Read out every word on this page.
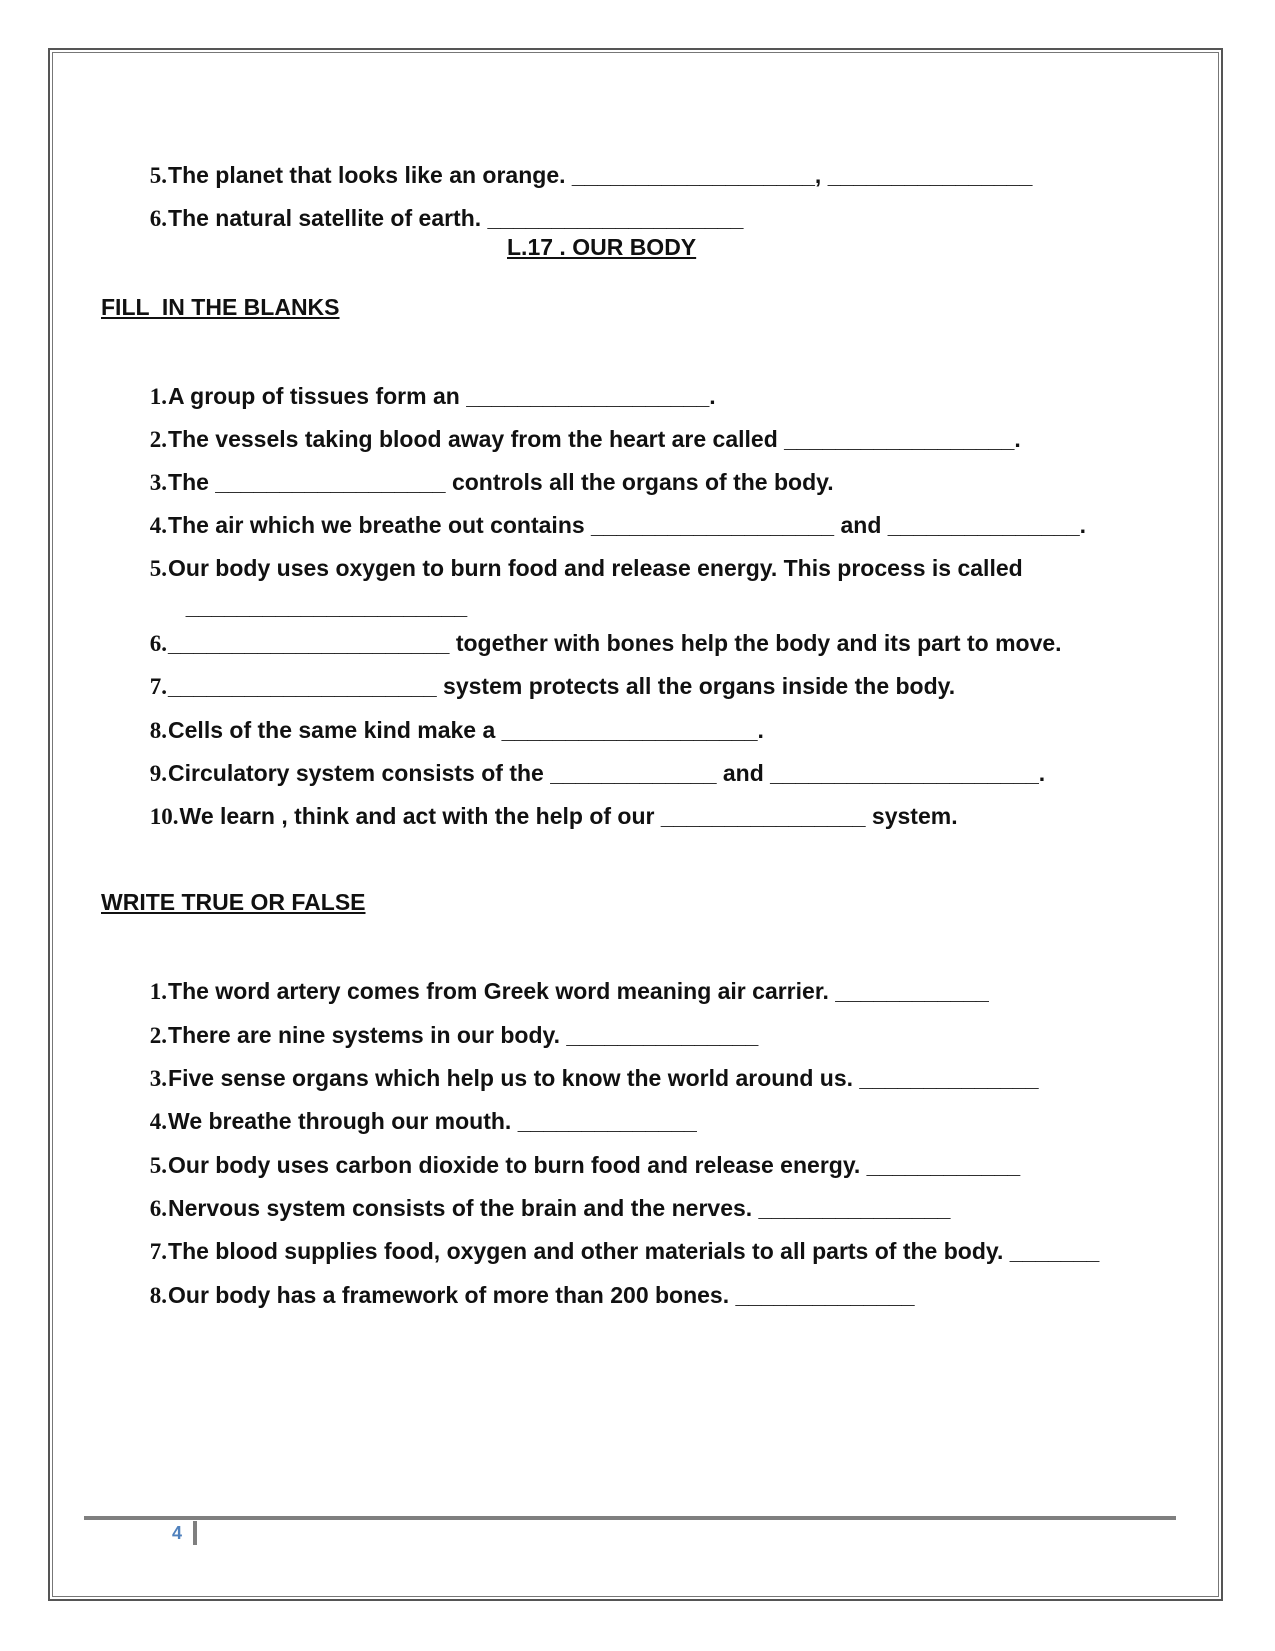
5.The planet that looks like an orange. ___________________, ________________

6.The natural satellite of earth. ____________________

L.17 . OUR BODY
FILL  IN THE BLANKS

1.A group of tissues form an ___________________.

2.The vessels taking blood away from the heart are called __________________.

3.The __________________ controls all the organs of the body.

4.The air which we breathe out contains ___________________ and _______________.

5.Our body uses oxygen to burn food and release energy. This process is called

______________________

6.______________________ together with bones help the body and its part to move.

7._____________________ system protects all the organs inside the body.

8.Cells of the same kind make a ____________________.

9.Circulatory system consists of the _____________ and _____________________.

10.We learn , think and act with the help of our ________________ system.

WRITE TRUE OR FALSE

1.The word artery comes from Greek word meaning air carrier. ____________

2.There are nine systems in our body. _______________

3.Five sense organs which help us to know the world around us. ______________

4.We breathe through our mouth. ______________

5.Our body uses carbon dioxide to burn food and release energy. ____________

6.Nervous system consists of the brain and the nerves. _______________

7.The blood supplies food, oxygen and other materials to all parts of the body. _______

8.Our body has a framework of more than 200 bones. ______________

4
